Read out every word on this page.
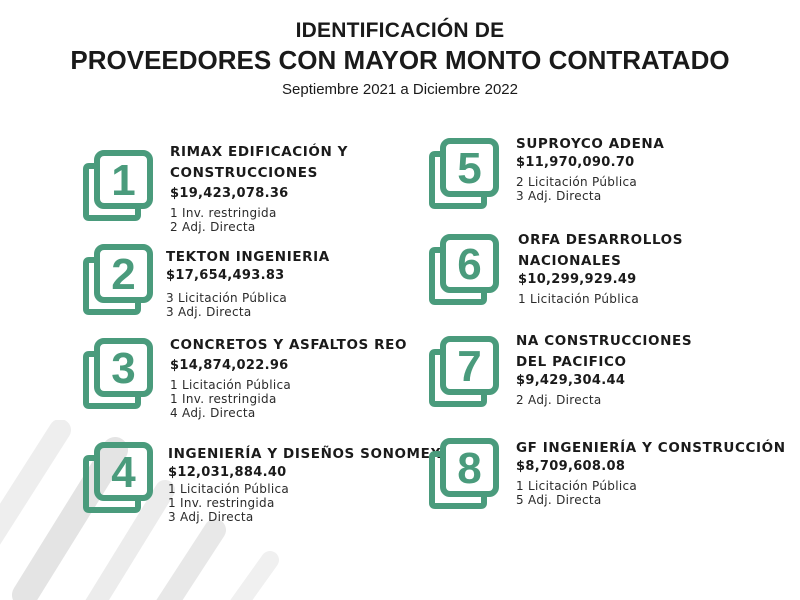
IDENTIFICACIÓN DE
PROVEEDORES CON MAYOR MONTO CONTRATADO
Septiembre 2021 a Diciembre 2022
1
RIMAX EDIFICACIÓN Y
CONSTRUCCIONES
$19,423,078.36
1 Inv. restringida
2 Adj. Directa
2 TEKTON INGENIERIA
$17,654,493.83
3 Licitación Pública
3 Adj. Directa
3	CONCRETOS Y ASFALTOS REO
$14,874,022.96
1 Licitación Pública
1 Inv. restringida
4 Adj. Directa
4 INGENIERÍA Y DISEÑOS SONOMEX
$12,031,884.40
1 Licitación Pública
1 Inv. restringida
3 Adj. Directa
5	SUPROYCO ADENA
$11,970,090.70
2 Licitación Pública
3 Adj. Directa
6	ORFA DESARROLLOS
NACIONALES
$10,299,929.49
1 Licitación Pública
7
NA CONSTRUCCIONES
DEL PACIFICO
$9,429,304.44
2 Adj. Directa
8	GF INGENIERÍA Y CONSTRUCCIÓN
$8,709,608.08
1 Licitación Pública
5 Adj. Directa
